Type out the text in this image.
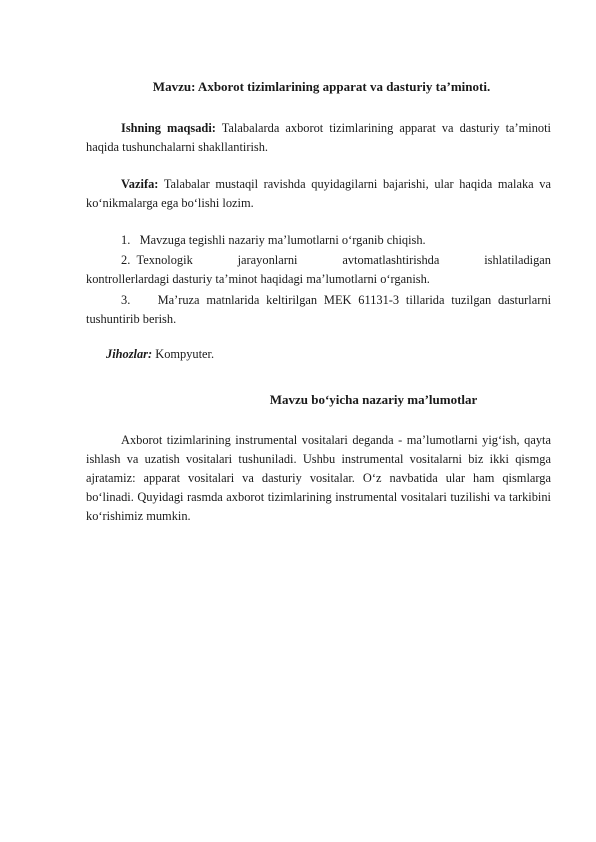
Mavzu: Axborot tizimlarining apparat va dasturiy ta’minoti.

Ishning maqsadi: Talabalarda axborot tizimlarining apparat va dasturiy ta’minoti haqida tushunchalarni shakllantirish.

Vazifa: Talabalar mustaqil ravishda quyidagilarni bajarishi, ular haqida malaka va ko‘nikmalarga ega bo‘lishi lozim.

1. Mavzuga tegishli nazariy ma’lumotlarni o‘rganib chiqish.

2. Texnologik	jarayonlarni	avtomatlashtirishda	ishlatiladigan

kontrollerlardagi dasturiy ta’minot haqidagi ma’lumotlarni o‘rganish.

3. Ma’ruza matnlarida keltirilgan MEK 61131-3 tillarida tuzilgan dasturlarni tushuntirib berish.

Jihozlar: Kompyuter.
Mavzu bo‘yicha nazariy ma’lumotlar

Axborot tizimlarining instrumental vositalari deganda - ma’lumotlarni yig‘ish, qayta ishlash va uzatish vositalari tushuniladi. Ushbu instrumental vositalarni biz ikki qismga ajratamiz: apparat vositalari va dasturiy vositalar. O‘z navbatida ular ham qismlarga bo‘linadi. Quyidagi rasmda axborot tizimlarining instrumental vositalari tuzilishi va tarkibini ko‘rishimiz mumkin.
